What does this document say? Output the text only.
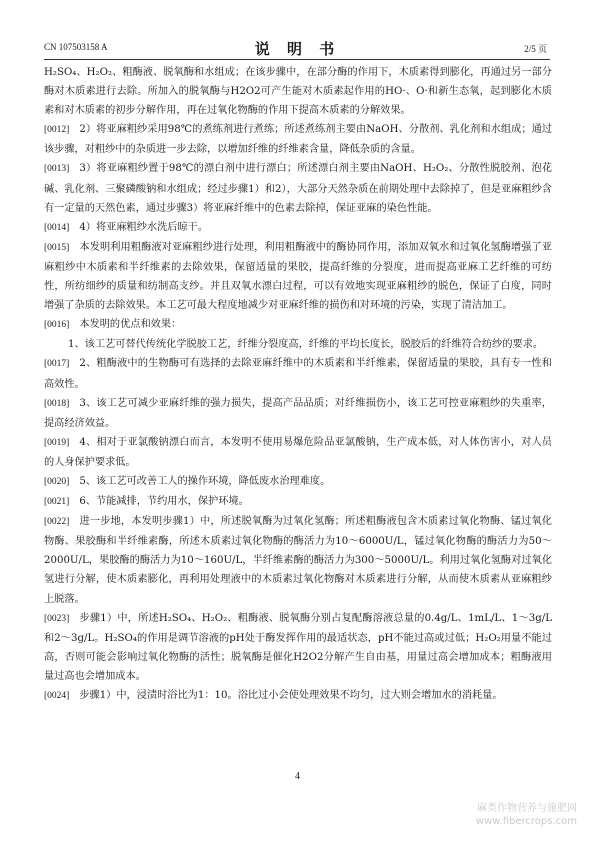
CN 107503158 A	说 明 书	2/5 页

H₂SO₄、H₂O₂、粗酶液、脱氧酶和水组成；在该步骤中，在部分酶的作用下，木质素得到膨化，再通过另一部分酶对木质素进行去除。所加入的脱氧酶与H2O2可产生能对木质素起作用的HO·、O·和新生态氧，起到膨化木质素和对木质素的初步分解作用，再在过氧化物酶的作用下提高木质素的分解效果。

[0012] 2）将亚麻粗纱采用98℃的煮练剂进行煮练；所述煮练剂主要由NaOH、分散剂、乳化剂和水组成；通过该步骤，对粗纱中的杂质进一步去除，以增加纤维的纤维素含量，降低杂质的含量。

[0013] 3）将亚麻粗纱置于98℃的漂白剂中进行漂白；所述漂白剂主要由NaOH、H₂O₂、分散性脱胶剂、泡花碱、乳化剂、三聚磷酸钠和水组成；经过步骤1）和2），大部分天然杂质在前期处理中去除掉了，但是亚麻粗纱含有一定量的天然色素，通过步骤3）将亚麻纤维中的色素去除掉，保证亚麻的染色性能。

[0014] 4）将亚麻粗纱水洗后晾干。

[0015] 本发明利用粗酶液对亚麻粗纱进行处理，利用粗酶液中的酶协同作用，添加双氧水和过氧化氢酶增强了亚麻粗纱中木质素和半纤维素的去除效果，保留适量的果胶，提高纤维的分裂度，进而提高亚麻工艺纤维的可纺性，所纺细纱的质量和纺制高支纱。并且双氧水漂白过程，可以有效地实现亚麻粗纱的脱色，保证了白度，同时增强了杂质的去除效果。本工艺可最大程度地减少对亚麻纤维的损伤和对环境的污染，实现了清洁加工。

[0016] 本发明的优点和效果：

1、该工艺可替代传统化学脱胶工艺，纤维分裂度高，纤维的平均长度长，脱胶后的纤维符合纺纱的要求。

[0017] 2、粗酶液中的生物酶可有选择的去除亚麻纤维中的木质素和半纤维素，保留适量的果胶，具有专一性和高效性。

[0018] 3、该工艺可减少亚麻纤维的强力损失，提高产品品质；对纤维损伤小，该工艺可控亚麻粗纱的失重率，提高经济效益。

[0019] 4、相对于亚氯酸钠漂白而言，本发明不使用易爆危险品亚氯酸钠，生产成本低，对人体伤害小，对人员的人身保护要求低。

[0020] 5、该工艺可改善工人的操作环境，降低废水治理难度。

[0021] 6、节能减排，节约用水，保护环境。

[0022] 进一步地，本发明步骤1）中，所述脱氧酶为过氧化氢酶；所述粗酶液包含木质素过氧化物酶、锰过氧化物酶、果胶酶和半纤维素酶，所述木质素过氧化物酶的酶活力为10～6000U/L，锰过氧化物酶的酶活力为50～2000U/L，果胶酶的酶活力为10～160U/L，半纤维素酶的酶活力为300～5000U/L。利用过氧化氢酶对过氧化氢进行分解，使木质素膨化，再利用处理液中的木质素过氧化物酶对木质素进行分解，从而使木质素从亚麻粗纱上脱落。

[0023] 步骤1）中，所述H₂SO₄、H₂O₂、粗酶液、脱氧酶分别占复配酶溶液总量的0.4g/L、1mL/L、1～3g/L和2～3g/L。H₂SO₄的作用是调节溶液的pH处于酶发挥作用的最适状态，pH不能过高或过低；H₂O₂用量不能过高，否则可能会影响过氧化物酶的活性；脱氧酶是催化H2O2分解产生自由基，用量过高会增加成本；粗酶液用量过高也会增加成本。

[0024] 步骤1）中，浸渍时浴比为1：10。浴比过小会使处理效果不均匀，过大则会增加水的消耗量。

4
麻类作物营养与施肥网
www.fibercrops.com
